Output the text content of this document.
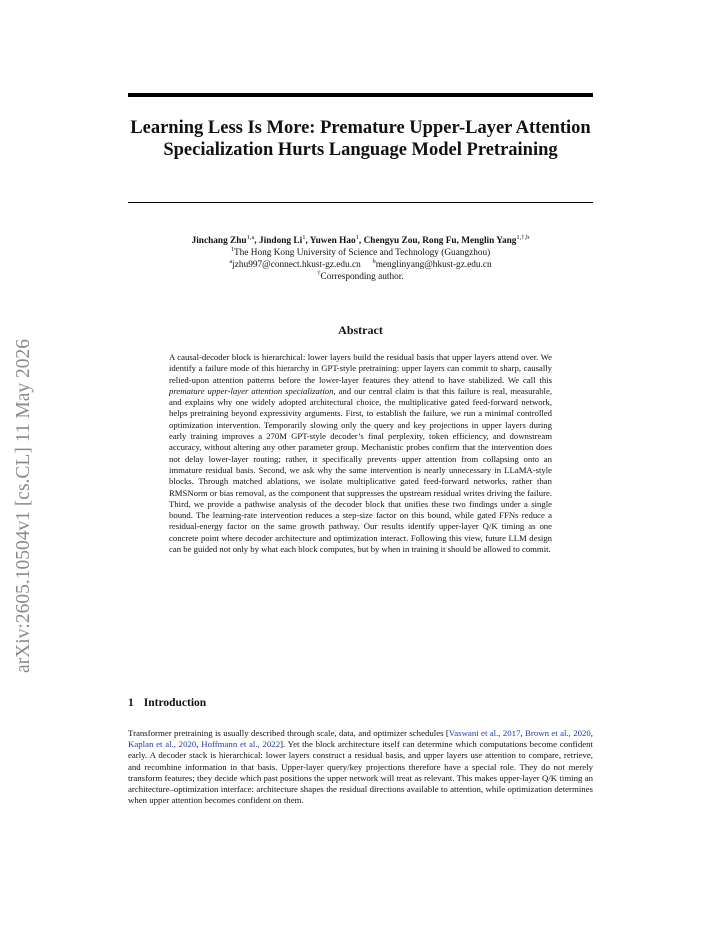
arXiv:2605.10504v1 [cs.CL] 11 May 2026
Learning Less Is More: Premature Upper-Layer Attention Specialization Hurts Language Model Pretraining
Jinchang Zhu$^{1,a}$, Jindong Li$^1$, Yuwen Hao$^1$, Chengyu Zou, Rong Fu, Menglin Yang$^{1,\dagger,b}$
$^1$The Hong Kong University of Science and Technology (Guangzhou)
$^a$jzhu997@connect.hkust-gz.edu.cn $^b$menglinyang@hkust-gz.edu.cn
†Corresponding author.
Abstract
A causal-decoder block is hierarchical: lower layers build the residual basis that upper layers attend over. We identify a failure mode of this hierarchy in GPT-style pretraining: upper layers can commit to sharp, causally relied-upon attention patterns before the lower-layer features they attend to have stabilized. We call this premature upper-layer attention specialization, and our central claim is that this failure is real, measurable, and explains why one widely adopted architectural choice, the multiplicative gated feed-forward network, helps pretraining beyond expressivity arguments. First, to establish the failure, we run a minimal controlled optimization intervention. Temporarily slowing only the query and key projections in upper layers during early training improves a 270M GPT-style decoder’s final perplexity, token efficiency, and downstream accuracy, without altering any other parameter group. Mechanistic probes confirm that the intervention does not delay lower-layer routing; rather, it specifically prevents upper attention from collapsing onto an immature residual basis. Second, we ask why the same intervention is nearly unnecessary in LLaMA-style blocks. Through matched ablations, we isolate multiplicative gated feed-forward networks, rather than RMSNorm or bias removal, as the component that suppresses the upstream residual writes driving the failure. Third, we provide a pathwise analysis of the decoder block that unifies these two findings under a single bound. The learning-rate intervention reduces a step-size factor on this bound, while gated FFNs reduce a residual-energy factor on the same growth pathway. Our results identify upper-layer Q/K timing as one concrete point where decoder architecture and optimization interact. Following this view, future LLM design can be guided not only by what each block computes, but by when in training it should be allowed to commit.
1 Introduction
Transformer pretraining is usually described through scale, data, and optimizer schedules [Vaswani et al., 2017, Brown et al., 2020, Kaplan et al., 2020, Hoffmann et al., 2022]. Yet the block architecture itself can determine which computations become confident early. A decoder stack is hierarchical: lower layers construct a residual basis, and upper layers use attention to compare, retrieve, and recombine information in that basis. Upper-layer query/key projections therefore have a special role. They do not merely transform features; they decide which past positions the upper network will treat as relevant. This makes upper-layer Q/K timing an architecture–optimization interface: architecture shapes the residual directions available to attention, while optimization determines when upper attention becomes confident on them.
